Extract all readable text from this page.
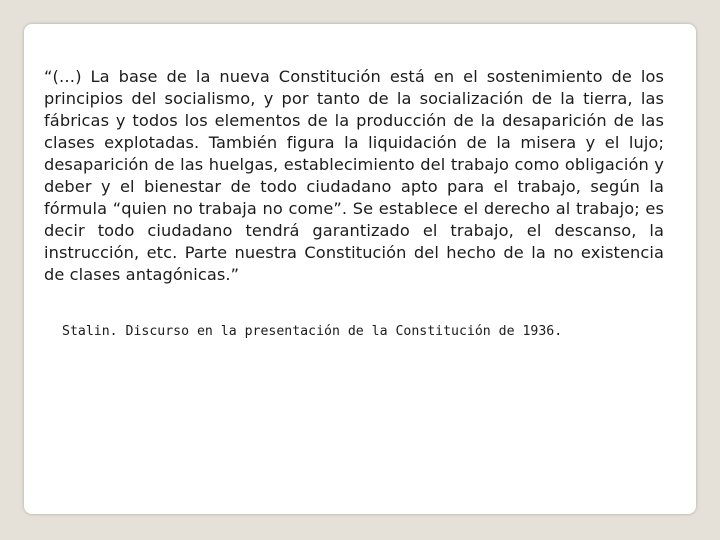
“(…) La base de la nueva Constitución está en el sostenimiento de los principios del socialismo, y por tanto de la socialización de la tierra, las fábricas y todos los elementos de la producción de la desaparición de las clases explotadas. También figura la liquidación de la misera y el lujo; desaparición de las huelgas, establecimiento del trabajo como obligación y deber y el bienestar de todo ciudadano apto para el trabajo, según la fórmula “quien no trabaja no come”. Se establece el derecho al trabajo; es decir todo ciudadano tendrá garantizado el trabajo, el descanso, la instrucción, etc. Parte nuestra Constitución del hecho de la no existencia de clases antagónicas.”

Stalin. Discurso en la presentación de la Constitución de 1936.
